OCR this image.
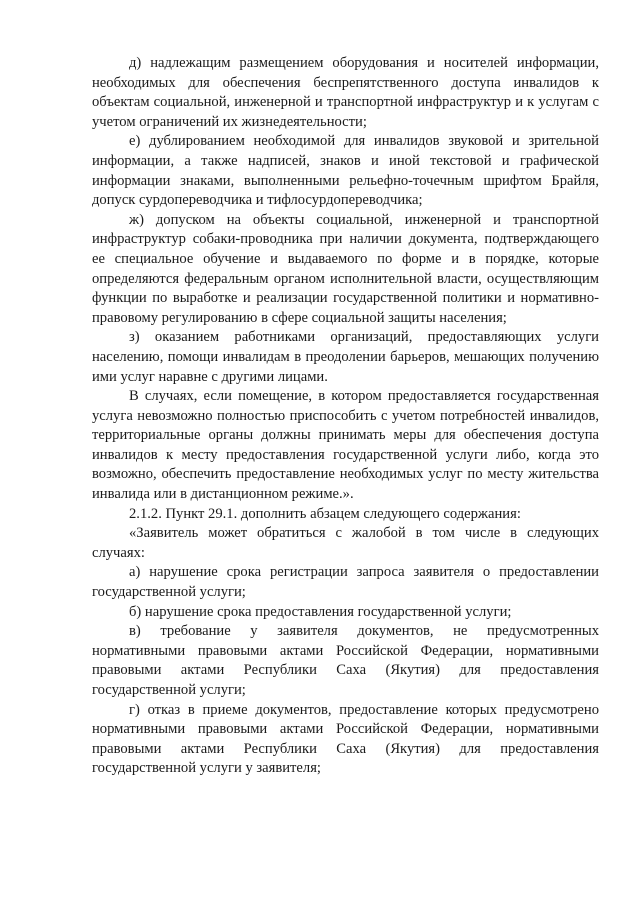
д) надлежащим размещением оборудования и носителей информации, необходимых для обеспечения беспрепятственного доступа инвалидов к объектам социальной, инженерной и транспортной инфраструктур и к услугам с учетом ограничений их жизнедеятельности;

е) дублированием необходимой для инвалидов звуковой и зрительной информации, а также надписей, знаков и иной текстовой и графической информации знаками, выполненными рельефно-точечным шрифтом Брайля, допуск сурдопереводчика и тифлосурдопереводчика;

ж) допуском на объекты социальной, инженерной и транспортной инфраструктур собаки-проводника при наличии документа, подтверждающего ее специальное обучение и выдаваемого по форме и в порядке, которые определяются федеральным органом исполнительной власти, осуществляющим функции по выработке и реализации государственной политики и нормативно-правовому регулированию в сфере социальной защиты населения;

з) оказанием работниками организаций, предоставляющих услуги населению, помощи инвалидам в преодолении барьеров, мешающих получению ими услуг наравне с другими лицами.

В случаях, если помещение, в котором предоставляется государственная услуга невозможно полностью приспособить с учетом потребностей инвалидов, территориальные органы должны принимать меры для обеспечения доступа инвалидов к месту предоставления государственной услуги либо, когда это возможно, обеспечить предоставление необходимых услуг по месту жительства инвалида или в дистанционном режиме.».

2.1.2. Пункт 29.1. дополнить абзацем следующего содержания:

«Заявитель может обратиться с жалобой в том числе в следующих случаях:

а) нарушение срока регистрации запроса заявителя о предоставлении государственной услуги;

б) нарушение срока предоставления государственной услуги;

в) требование у заявителя документов, не предусмотренных нормативными правовыми актами Российской Федерации, нормативными правовыми актами Республики Саха (Якутия) для предоставления государственной услуги;

г) отказ в приеме документов, предоставление которых предусмотрено нормативными правовыми актами Российской Федерации, нормативными правовыми актами Республики Саха (Якутия) для предоставления государственной услуги у заявителя;
